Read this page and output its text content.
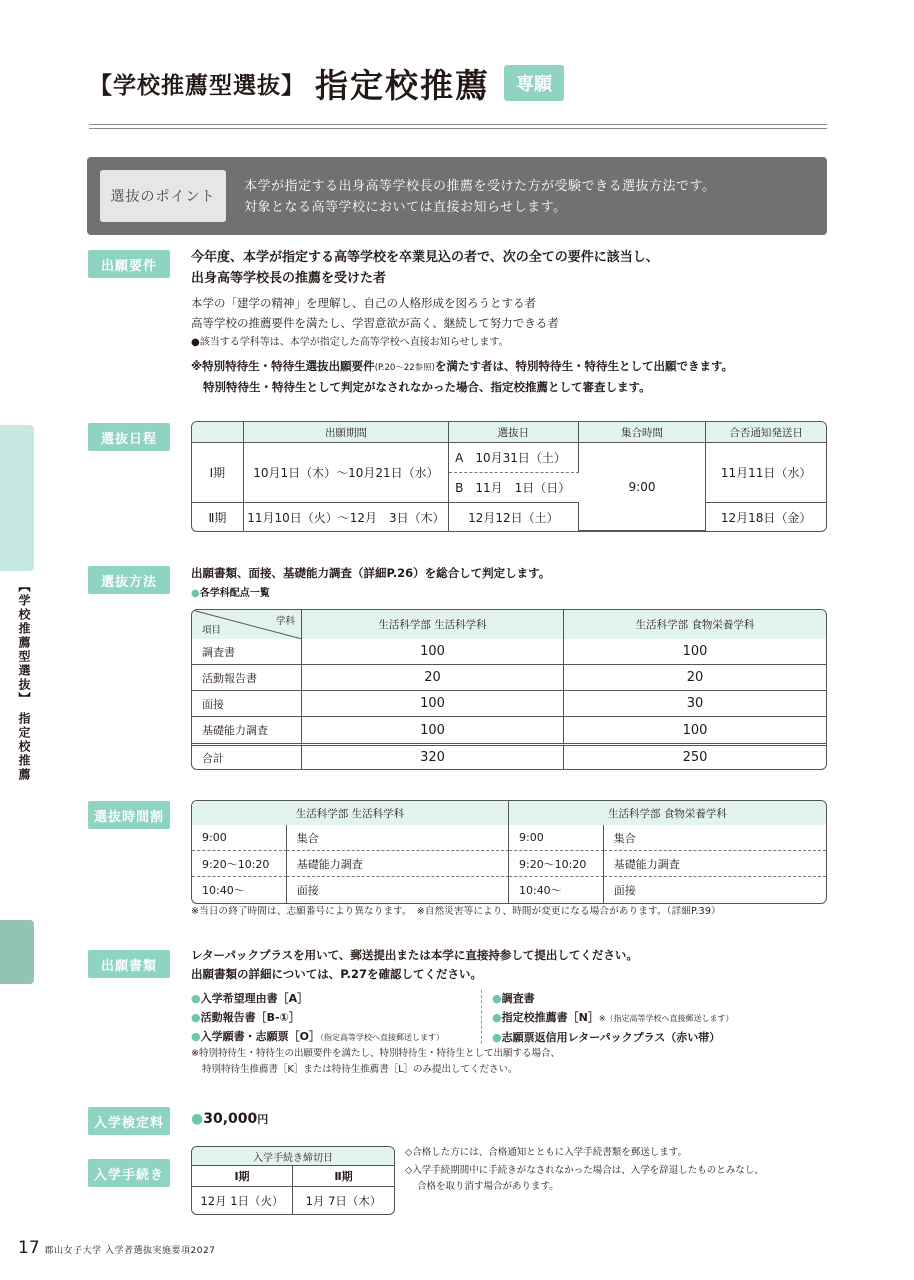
【学校推薦型選抜】 指定校推薦	専願
選抜のポイント
本学が指定する出身高等学校長の推薦を受けた方が受験できる選抜方法です。
対象となる高等学校においては直接お知らせします。
出願要件
今年度、本学が指定する高等学校を卒業見込の者で、次の全ての要件に該当し、
出身高等学校長の推薦を受けた者
本学の「建学の精神」を理解し、自己の人格形成を図ろうとする者
高等学校の推薦要件を満たし、学習意欲が高く、継続して努力できる者
●該当する学科等は、本学が指定した高等学校へ直接お知らせします。
※特別特待生・特待生選抜出願要件(P.20～22参照)を満たす者は、特別特待生・特待生として出願できます。
特別特待生・特待生として判定がなされなかった場合、指定校推薦として審査します。
【学校推薦型選抜】 指定校推薦
選抜日程
		出願期間	選抜日	集合時間	合否通知発送日
Ⅰ期	10月1日（木）～10月21日（水）	A　10月31日（土）	9:00	11月11日（水）
		B　11月　1日（日）		
Ⅱ期	11月10日（火）～12月　3日（木）	12月12日（土）		12月18日（金）
選抜方法
出願書類、面接、基礎能力調査（詳細P.26）を総合して判定します。
●各学科配点一覧
学科
項目	生活科学部 生活科学科	生活科学部 食物栄養学科
調査書	100	100
活動報告書	20	20
面接	100	30
基礎能力調査	100	100
合計	320	250
選抜時間割	生活科学部 生活科学科		生活科学部 食物栄養学科	
9:00	集合	9:00	集合
9:20～10:20	基礎能力調査	9:20～10:20	基礎能力調査
10:40～	面接	10:40～	面接
※当日の終了時間は、志願番号により異なります。　※自然災害等により、時間が変更になる場合があります。（詳細P.39）
出願書類
レターパックプラスを用いて、郵送提出または本学に直接持参して提出してください。
出願書類の詳細については、P.27を確認してください。
●入学希望理由書［A］
●活動報告書［B-①］
●入学願書・志願票［O］（指定高等学校へ直接郵送します）
●調査書
●指定校推薦書［N］※（指定高等学校へ直接郵送します）
●志願票返信用レターパックプラス（赤い帯）
※特別特待生・特待生の出願要件を満たし、特別特待生・特待生として出願する場合、
特別特待生推薦書［K］または特待生推薦書［L］のみ提出してください。
入学検定料	●30,000円
入学手続き
入学手続き締切日	
Ⅰ期	Ⅱ期
12月 1日（火）	1月 7日（木）
◇合格した方には、合格通知とともに入学手続書類を郵送します。
◇入学手続期間中に手続きがなされなかった場合は、入学を辞退したものとみなし、
合格を取り消す場合があります。
17 郡山女子大学 入学者選抜実施要項2027
